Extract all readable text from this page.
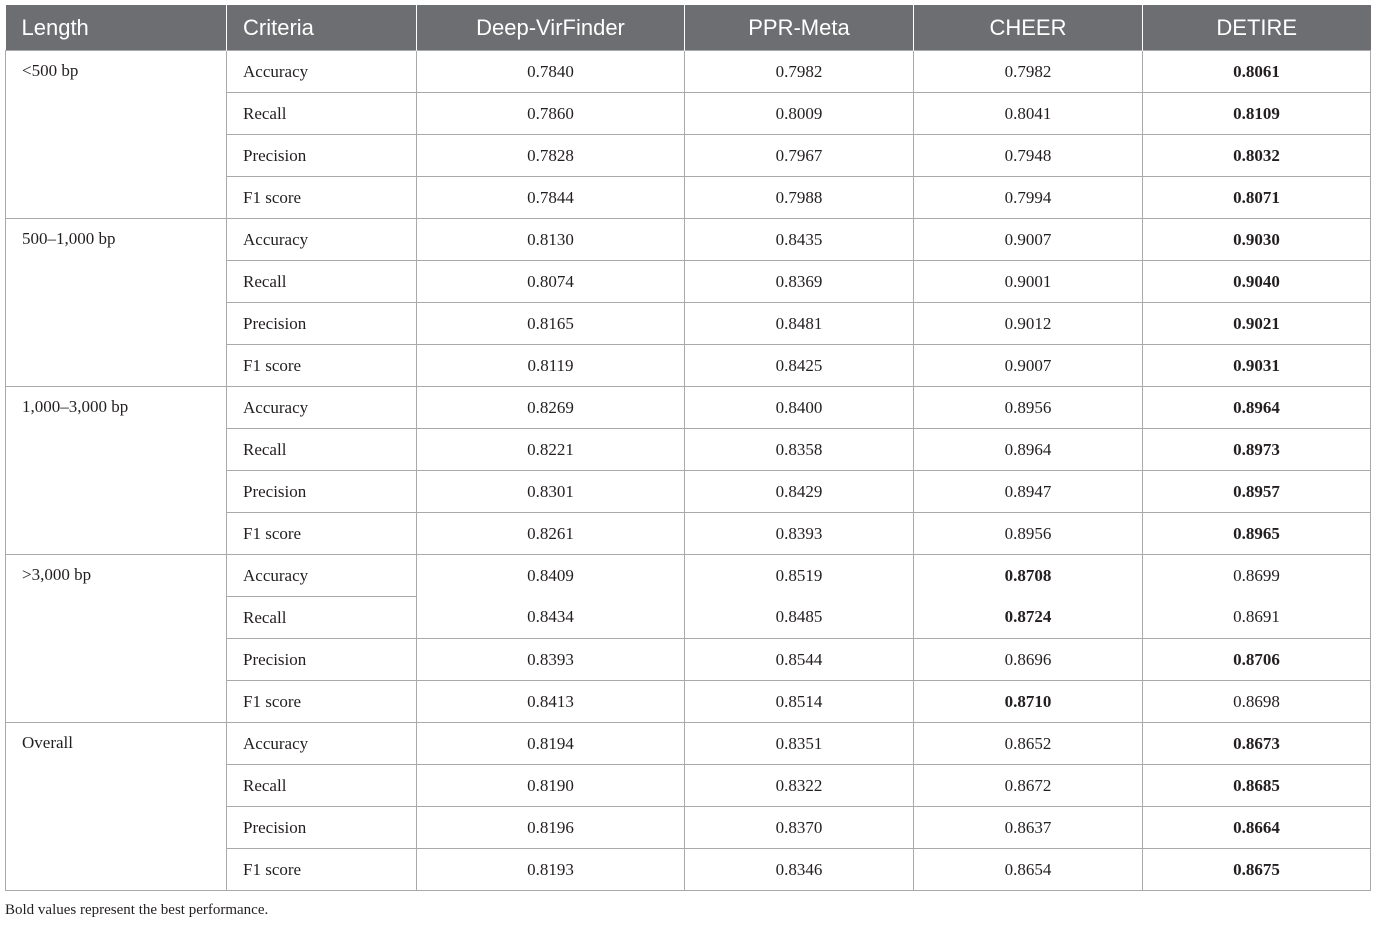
Length	Criteria	Deep-VirFinder	PPR-Meta	CHEER	DETIRE
<500 bp	Accuracy	0.7840	0.7982	0.7982	0.8061
	Recall	0.7860	0.8009	0.8041	0.8109
	Precision	0.7828	0.7967	0.7948	0.8032
	F1 score	0.7844	0.7988	0.7994	0.8071
500–1,000 bp	Accuracy	0.8130	0.8435	0.9007	0.9030
	Recall	0.8074	0.8369	0.9001	0.9040
	Precision	0.8165	0.8481	0.9012	0.9021
	F1 score	0.8119	0.8425	0.9007	0.9031
1,000–3,000 bp	Accuracy	0.8269	0.8400	0.8956	0.8964
	Recall	0.8221	0.8358	0.8964	0.8973
	Precision	0.8301	0.8429	0.8947	0.8957
	F1 score	0.8261	0.8393	0.8956	0.8965
>3,000 bp	Accuracy	0.8409	0.8519	0.8708	0.8699
	Recall	0.8434	0.8485	0.8724	0.8691
	Precision	0.8393	0.8544	0.8696	0.8706
	F1 score	0.8413	0.8514	0.8710	0.8698
Overall	Accuracy	0.8194	0.8351	0.8652	0.8673
	Recall	0.8190	0.8322	0.8672	0.8685
	Precision	0.8196	0.8370	0.8637	0.8664
	F1 score	0.8193	0.8346	0.8654	0.8675
Bold values represent the best performance.
